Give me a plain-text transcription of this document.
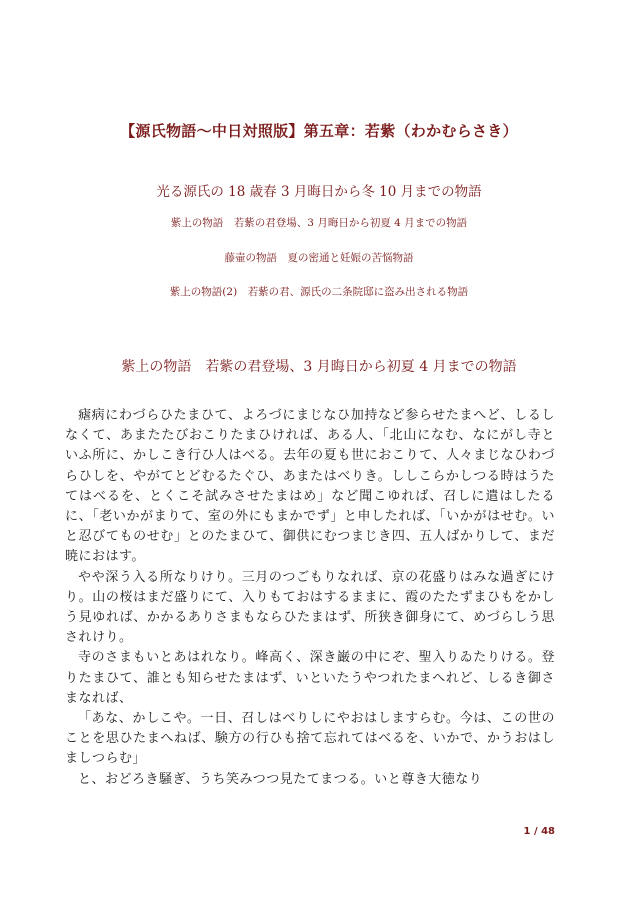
【源氏物語〜中日対照版】第五章：若紫（わかむらさき）
光る源氏の 18 歳春 3 月晦日から冬 10 月までの物語
紫上の物語　若紫の君登場、3 月晦日から初夏 4 月までの物語
藤壷の物語　夏の密通と妊娠の苦悩物語
紫上の物語(2)　若紫の君、源氏の二条院邸に盗み出される物語
紫上の物語　若紫の君登場、3 月晦日から初夏 4 月までの物語

瘧病にわづらひたまひて、よろづにまじなひ加持など参らせたまへど、しるしなくて、あまたたびおこりたまひければ、ある人、「北山になむ、なにがし寺といふ所に、かしこき行ひ人はべる。去年の夏も世におこりて、人々まじなひわづらひしを、やがてとどむるたぐひ、あまたはべりき。ししこらかしつる時はうたてはべるを、とくこそ試みさせたまはめ」など聞こゆれば、召しに遣はしたるに、「老いかがまりて、室の外にもまかでず」と申したれば、「いかがはせむ。いと忍びてものせむ」とのたまひて、御供にむつまじき四、五人ばかりして、まだ暁におはす。

やや深う入る所なりけり。三月のつごもりなれば、京の花盛りはみな過ぎにけり。山の桜はまだ盛りにて、入りもておはするままに、霞のたたずまひもをかしう見ゆれば、かかるありさまもならひたまはず、所狭き御身にて、めづらしう思されけり。

寺のさまもいとあはれなり。峰高く、深き巌の中にぞ、聖入りゐたりける。登りたまひて、誰とも知らせたまはず、いといたうやつれたまへれど、しるき御さまなれば、

「あな、かしこや。一日、召しはべりしにやおはしますらむ。今は、この世のことを思ひたまへねば、験方の行ひも捨て忘れてはべるを、いかで、かうおはしましつらむ」

と、おどろき騒ぎ、うち笑みつつ見たてまつる。いと尊き大徳なり

1 / 48
